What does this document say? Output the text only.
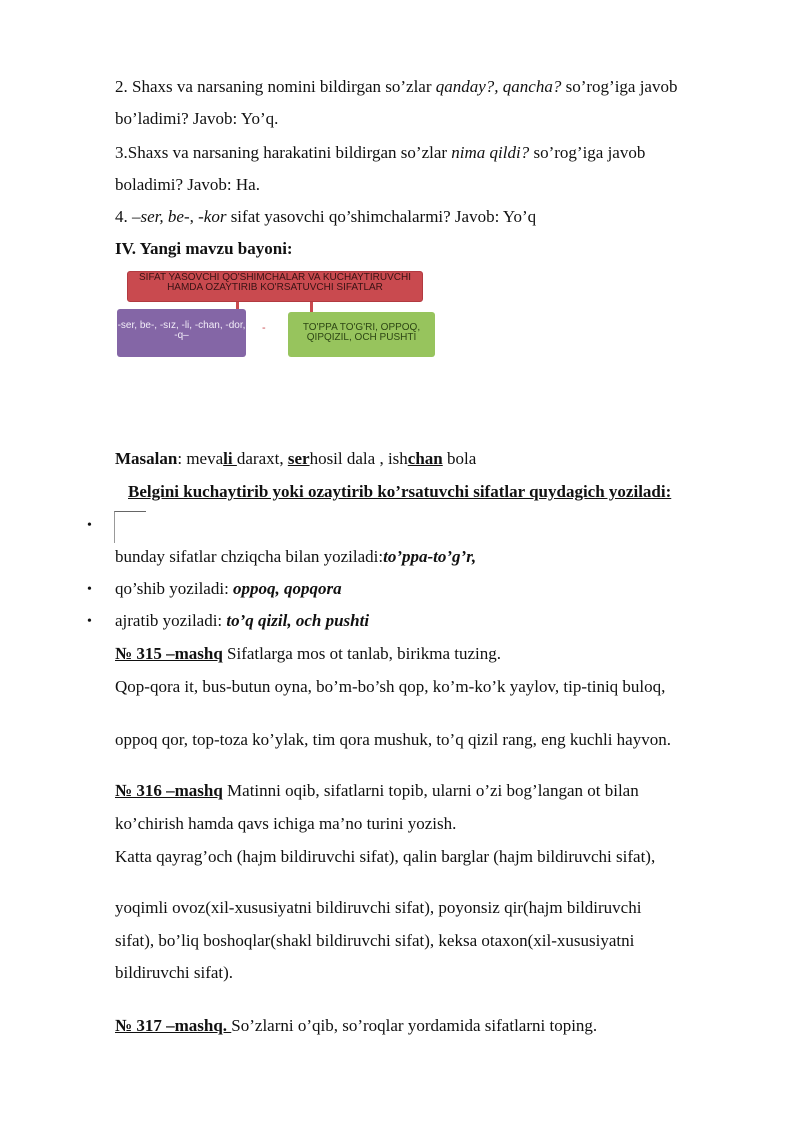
2. Shaxs va narsaning nomini bildirgan so’zlar qanday?, qancha? so’rog’iga javob
bo’ladimi? Javob: Yo’q.
3.Shaxs va narsaning harakatini bildirgan so’zlar nima qildi? so’rog’iga javob
boladimi? Javob: Ha.
4. –ser, be-, -kor sifat yasovchi qo’shimchalarmi? Javob: Yo’q
IV. Yangi mavzu bayoni:
SIFAT YASOVCHI QO'SHIMCHALAR VA KUCHAYTIRUVCHI HAMDA OZAYTIRIB KO'RSATUVCHI SIFATLAR
-ser, be-, -sız, -li, -chan, -dor, -q–
-	TO'PPA TO'G'RI, OPPOQ, QIPQIZIL, OCH PUSHTI
Masalan: mevali daraxt, serhosil dala , ishchan bola
Belgini kuchaytirib yoki ozaytirib ko’rsatuvchi sifatlar quydagich yoziladi:
•
bunday sifatlar chziqcha bilan yoziladi:to’ppa-to’g’r,
• qo’shib yoziladi: oppoq, qopqora
• ajratib yoziladi: to’q qizil, och pushti
№ 315 –mashq Sifatlarga mos ot tanlab, birikma tuzing.
Qop-qora it, bus-butun oyna, bo’m-bo’sh qop, ko’m-ko’k yaylov, tip-tiniq buloq,
oppoq qor, top-toza ko’ylak, tim qora mushuk, to’q qizil rang, eng kuchli hayvon.
№ 316 –mashq Matinni oqib, sifatlarni topib, ularni o’zi bog’langan ot bilan
ko’chirish hamda qavs ichiga ma’no turini yozish.
Katta qayrag’och (hajm bildiruvchi sifat), qalin barglar (hajm bildiruvchi sifat),
yoqimli ovoz(xil-xususiyatni bildiruvchi sifat), poyonsiz qir(hajm bildiruvchi
sifat), bo’liq boshoqlar(shakl bildiruvchi sifat), keksa otaxon(xil-xususiyatni
bildiruvchi sifat).
№ 317 –mashq. So’zlarni o’qib, so’roqlar yordamida sifatlarni toping.
